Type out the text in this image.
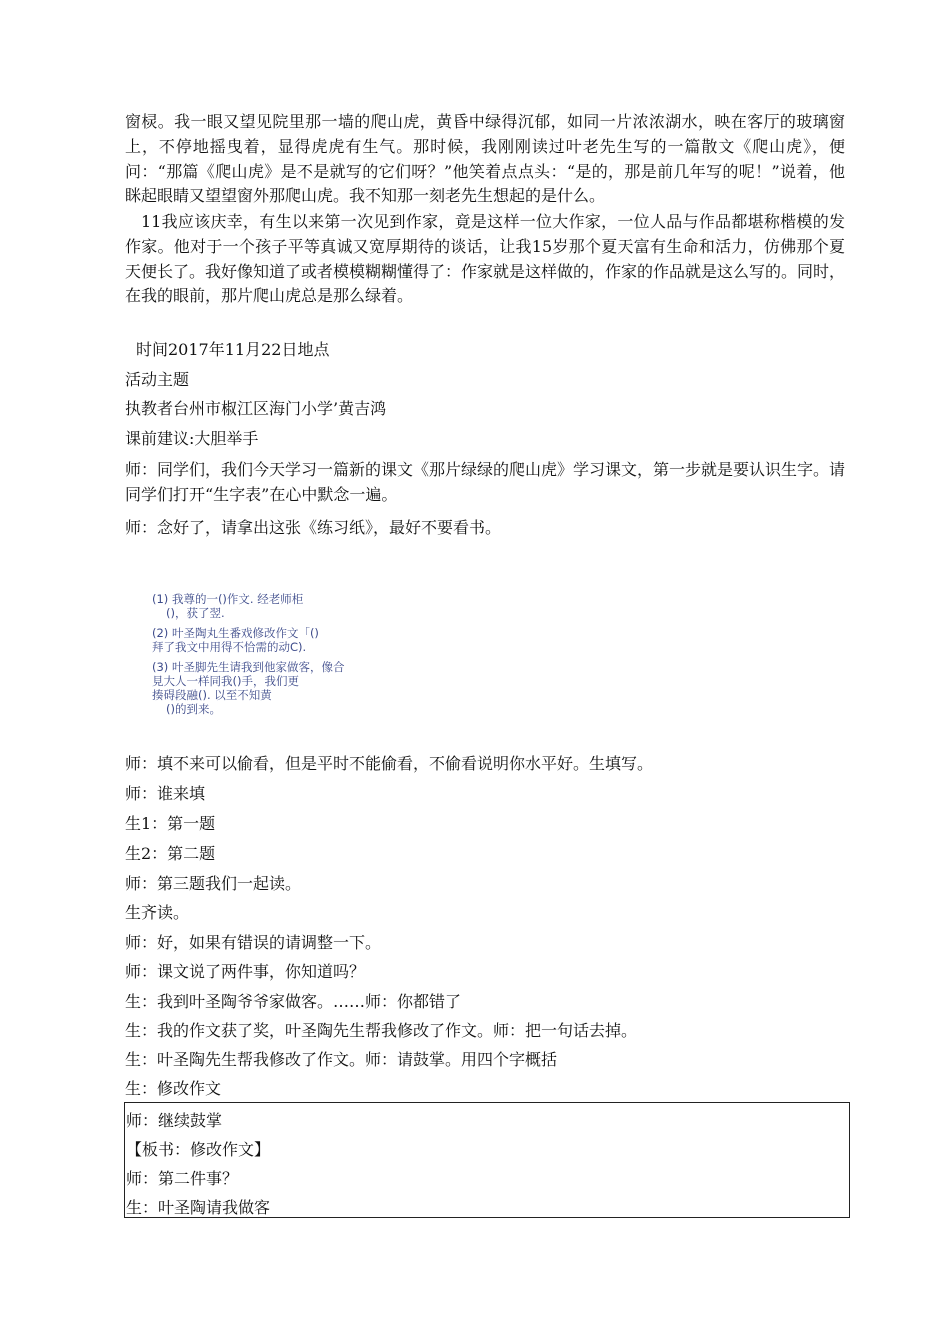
窗棂。我一眼又望见院里那一墙的爬山虎，黄昏中绿得沉郁，如同一片浓浓湖水，映在客厅的玻璃窗上，不停地摇曳着，显得虎虎有生气。那时候，我刚刚读过叶老先生写的一篇散文《爬山虎》，便问：“那篇《爬山虎》是不是就写的它们呀？”他笑着点点头：“是的，那是前几年写的呢！”说着，他眯起眼睛又望望窗外那爬山虎。我不知那一刻老先生想起的是什么。

11我应该庆幸，有生以来第一次见到作家，竟是这样一位大作家，一位人品与作品都堪称楷模的发作家。他对于一个孩子平等真诚又宽厚期待的谈话，让我15岁那个夏天富有生命和活力，仿佛那个夏天便长了。我好像知道了或者模模糊糊懂得了：作家就是这样做的，作家的作品就是这么写的。同时，在我的眼前，那片爬山虎总是那么绿着。

时间2017年11月22日地点

活动主题

执教者台州市椒江区海门小学’黄吉鸿

课前建议:大胆举手

师：同学们，我们今天学习一篇新的课文《那片绿绿的爬山虎》学习课文，第一步就是要认识生字。请同学们打开“生字表”在心中默念一遍。

师：念好了，请拿出这张《练习纸》，最好不要看书。

(1) 我尊的一()作文. 经老师柜
()，获了翌.
(2) 叶圣陶丸生番戏修改作文「()
拜了我文中用得不恰需的动C).
(3) 叶圣脚先生请我到他家做客，像合
見大人一样同我()手，我们更
揍碍段融(). 以至不知黄
()的到来。

师：填不来可以偷看，但是平时不能偷看，不偷看说明你水平好。生填写。

师：谁来填

生1：第一题

生2：第二题

师：第三题我们一起读。

生齐读。

师：好，如果有错误的请调整一下。

师：课文说了两件事，你知道吗？

生：我到叶圣陶爷爷家做客。……师：你都错了

生：我的作文获了奖，叶圣陶先生帮我修改了作文。师：把一句话去掉。

生：叶圣陶先生帮我修改了作文。师：请鼓掌。用四个字概括

生：修改作文

师：继续鼓掌

【板书：修改作文】

师：第二件事？

生：叶圣陶请我做客
